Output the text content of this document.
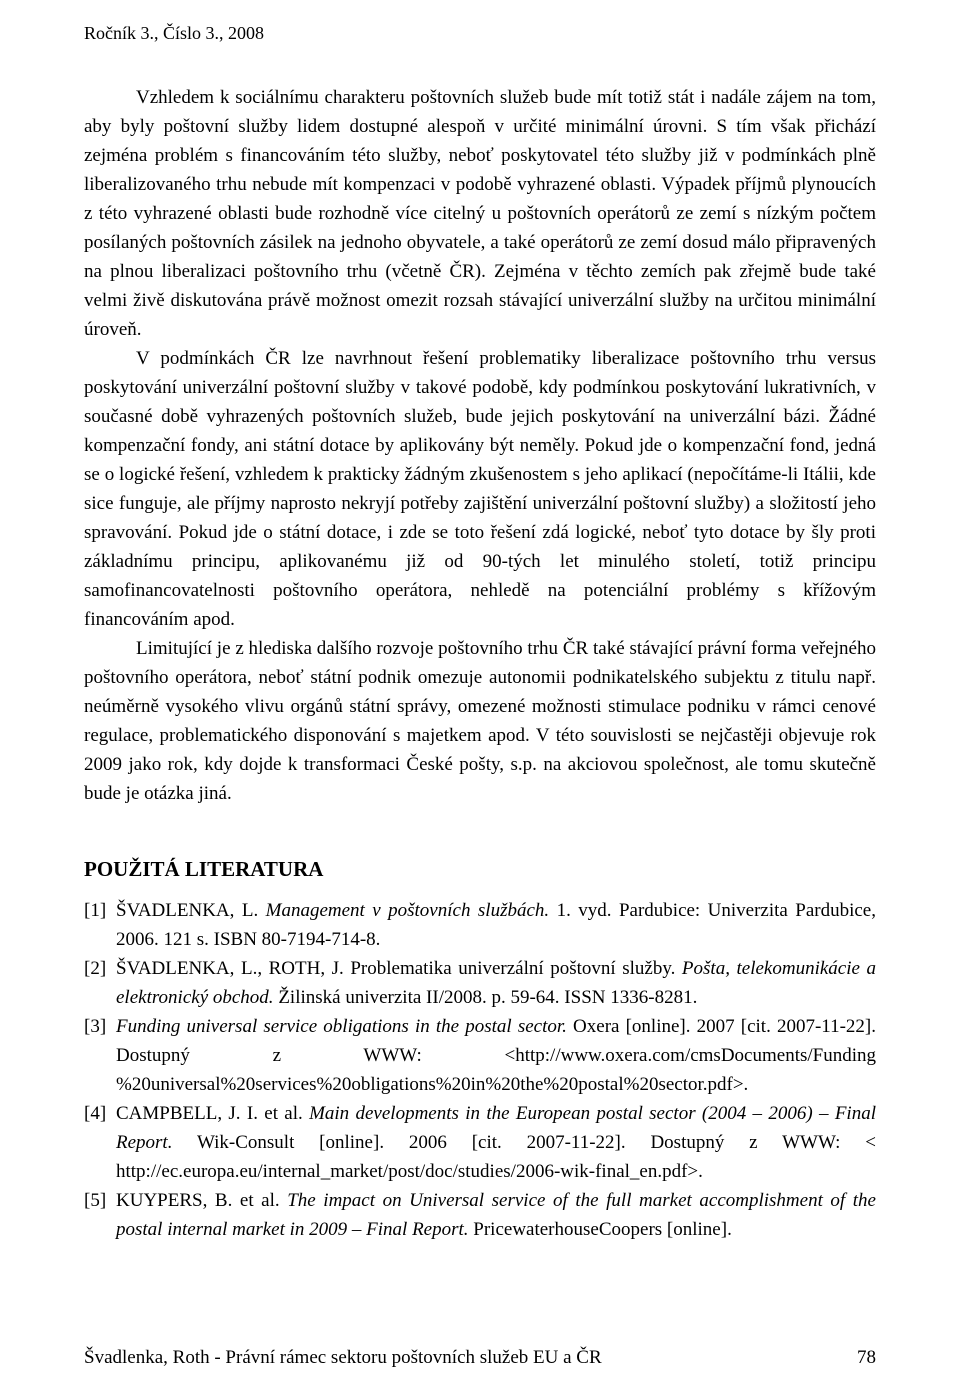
Ročník 3., Číslo 3., 2008

Vzhledem k sociálnímu charakteru poštovních služeb bude mít totiž stát i nadále zájem na tom, aby byly poštovní služby lidem dostupné alespoň v určité minimální úrovni. S tím však přichází zejména problém s financováním této služby, neboť poskytovatel této služby již v podmínkách plně liberalizovaného trhu nebude mít kompenzaci v podobě vyhrazené oblasti. Výpadek příjmů plynoucích z této vyhrazené oblasti bude rozhodně více citelný u poštovních operátorů ze zemí s nízkým počtem posílaných poštovních zásilek na jednoho obyvatele, a také operátorů ze zemí dosud málo připravených na plnou liberalizaci poštovního trhu (včetně ČR). Zejména v těchto zemích pak zřejmě bude také velmi živě diskutována právě možnost omezit rozsah stávající univerzální služby na určitou minimální úroveň.

V podmínkách ČR lze navrhnout řešení problematiky liberalizace poštovního trhu versus poskytování univerzální poštovní služby v takové podobě, kdy podmínkou poskytování lukrativních, v současné době vyhrazených poštovních služeb, bude jejich poskytování na univerzální bázi. Žádné kompenzační fondy, ani státní dotace by aplikovány být neměly. Pokud jde o kompenzační fond, jedná se o logické řešení, vzhledem k prakticky žádným zkušenostem s jeho aplikací (nepočítáme-li Itálii, kde sice funguje, ale příjmy naprosto nekryjí potřeby zajištění univerzální poštovní služby) a složitostí jeho spravování. Pokud jde o státní dotace, i zde se toto řešení zdá logické, neboť tyto dotace by šly proti základnímu principu, aplikovanému již od 90-tých let minulého století, totiž principu samofinancovatelnosti poštovního operátora, nehledě na potenciální problémy s křížovým financováním apod.

Limitující je z hlediska dalšího rozvoje poštovního trhu ČR také stávající právní forma veřejného poštovního operátora, neboť státní podnik omezuje autonomii podnikatelského subjektu z titulu např. neúměrně vysokého vlivu orgánů státní správy, omezené možnosti stimulace podniku v rámci cenové regulace, problematického disponování s majetkem apod. V této souvislosti se nejčastěji objevuje rok 2009 jako rok, kdy dojde k transformaci České pošty, s.p. na akciovou společnost, ale tomu skutečně bude je otázka jiná.

POUŽITÁ LITERATURA

[1] ŠVADLENKA, L. Management v poštovních službách. 1. vyd. Pardubice: Univerzita Pardubice, 2006. 121 s. ISBN 80-7194-714-8.

[2] ŠVADLENKA, L., ROTH, J. Problematika univerzální poštovní služby. Pošta, telekomunikácie a elektronický obchod. Žilinská univerzita II/2008. p. 59-64. ISSN 1336-8281.

[3] Funding universal service obligations in the postal sector. Oxera [online]. 2007 [cit. 2007-11-22]. Dostupný z WWW: <http://www.oxera.com/cmsDocuments/Funding %20universal%20services%20obligations%20in%20the%20postal%20sector.pdf>.

[4] CAMPBELL, J. I. et al. Main developments in the European postal sector (2004 – 2006) – Final Report. Wik-Consult [online]. 2006 [cit. 2007-11-22]. Dostupný z WWW: < http://ec.europa.eu/internal_market/post/doc/studies/2006-wik-final_en.pdf>.

[5] KUYPERS, B. et al. The impact on Universal service of the full market accomplishment of the postal internal market in 2009 – Final Report. PricewaterhouseCoopers [online].

Švadlenka, Roth - Právní rámec sektoru poštovních služeb EU a ČR	78
